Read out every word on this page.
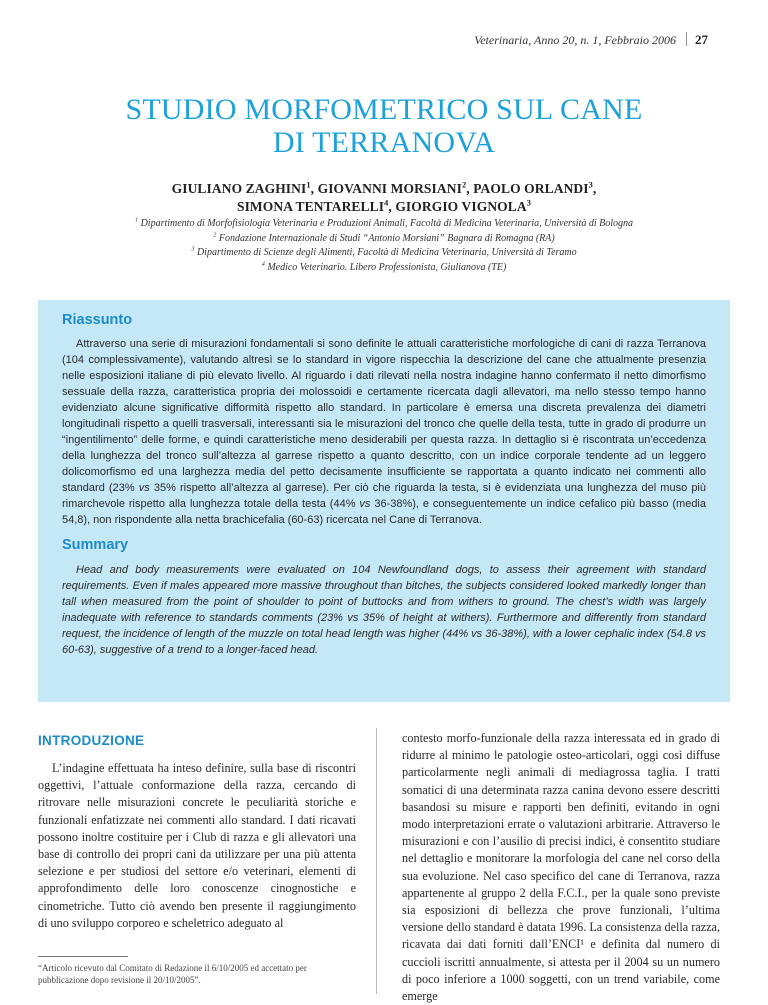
Veterinaria, Anno 20, n. 1, Febbraio 2006 27
STUDIO MORFOMETRICO SUL CANE
DI TERRANOVA
GIULIANO ZAGHINI$^1$, GIOVANNI MORSIANI$^2$, PAOLO ORLANDI$^3$,
SIMONA TENTARELLI$^4$, GIORGIO VIGNOLA$^3$
$^1$ Dipartimento di Morfofisiologia Veterinaria e Produzioni Animali, Facoltà di Medicina Veterinaria, Università di Bologna
$^2$ Fondazione Internazionale di Studi “Antonio Morsiani” Bagnara di Romagna (RA)
$^3$ Dipartimento di Scienze degli Alimenti, Facoltà di Medicina Veterinaria, Università di Teramo
$^4$ Medico Veterinario. Libero Professionista, Giulianova (TE)
Riassunto

Attraverso una serie di misurazioni fondamentali si sono definite le attuali caratteristiche morfologiche di cani di razza Terranova (104 complessivamente), valutando altresì se lo standard in vigore rispecchia la descrizione del cane che attualmente presenzia nelle esposizioni italiane di più elevato livello. Al riguardo i dati rilevati nella nostra indagine hanno confermato il netto dimorfismo sessuale della razza, caratteristica propria dei molossoidi e certamente ricercata dagli allevatori, ma nello stesso tempo hanno evidenziato alcune significative difformità rispetto allo standard. In particolare è emersa una discreta prevalenza dei diametri longitudinali rispetto a quelli trasversali, interessanti sia le misurazioni del tronco che quelle della testa, tutte in grado di produrre un “ingentilimento” delle forme, e quindi caratteristiche meno desiderabili per questa razza. In dettaglio si è riscontrata un’eccedenza della lunghezza del tronco sull’altezza al garrese rispetto a quanto descritto, con un indice corporale tendente ad un leggero dolicomorfismo ed una larghezza media del petto decisamente insufficiente se rapportata a quanto indicato nei commenti allo standard (23% vs 35% rispetto all’altezza al garrese). Per ciò che riguarda la testa, si è evidenziata una lunghezza del muso più rimarchevole rispetto alla lunghezza totale della testa (44% vs 36-38%), e conseguentemente un indice cefalico più basso (media 54,8), non rispondente alla netta brachicefalia (60-63) ricercata nel Cane di Terranova.

Summary

Head and body measurements were evaluated on 104 Newfoundland dogs, to assess their agreement with standard requirements. Even if males appeared more massive throughout than bitches, the subjects considered looked markedly longer than tall when measured from the point of shoulder to point of buttocks and from withers to ground. The chest’s width was largely inadequate with reference to standards comments (23% vs 35% of height at withers). Furthermore and differently from standard request, the incidence of length of the muzzle on total head length was higher (44% vs 36-38%), with a lower cephalic index (54.8 vs 60-63), suggestive of a trend to a longer-faced head.

INTRODUZIONE

L’indagine effettuata ha inteso definire, sulla base di riscontri oggettivi, l’attuale conformazione della razza, cercando di ritrovare nelle misurazioni concrete le peculiarità storiche e funzionali enfatizzate nei commenti allo standard. I dati ricavati possono inoltre costituire per i Club di razza e gli allevatori una base di controllo dei propri cani da utilizzare per una più attenta selezione e per studiosi del settore e/o veterinari, elementi di approfondimento delle loro conoscenze cinognostiche e cinometriche. Tutto ciò avendo ben presente il raggiungimento di uno sviluppo corporeo e scheletrico adeguato al

contesto morfo-funzionale della razza interessata ed in grado di ridurre al minimo le patologie osteo-articolari, oggi così diffuse particolarmente negli animali di mediagrossa taglia. I tratti somatici di una determinata razza canina devono essere descritti basandosi su misure e rapporti ben definiti, evitando in ogni modo interpretazioni errate o valutazioni arbitrarie. Attraverso le misurazioni e con l’ausilio di precisi indici, è consentito studiare nel dettaglio e monitorare la morfologia del cane nel corso della sua evoluzione. Nel caso specifico del cane di Terranova, razza appartenente al gruppo 2 della F.C.I., per la quale sono previste sia esposizioni di bellezza che prove funzionali, l’ultima versione dello standard è datata 1996. La consistenza della razza, ricavata dai dati forniti dall’ENCI¹ e definita dal numero di cuccioli iscritti annualmente, si attesta per il 2004 su un numero di poco inferiore a 1000 soggetti, con un trend variabile, come emerge

“Articolo ricevuto dal Comitato di Redazione il 6/10/2005 ed accettato per pubblicazione dopo revisione il 20/10/2005”.
